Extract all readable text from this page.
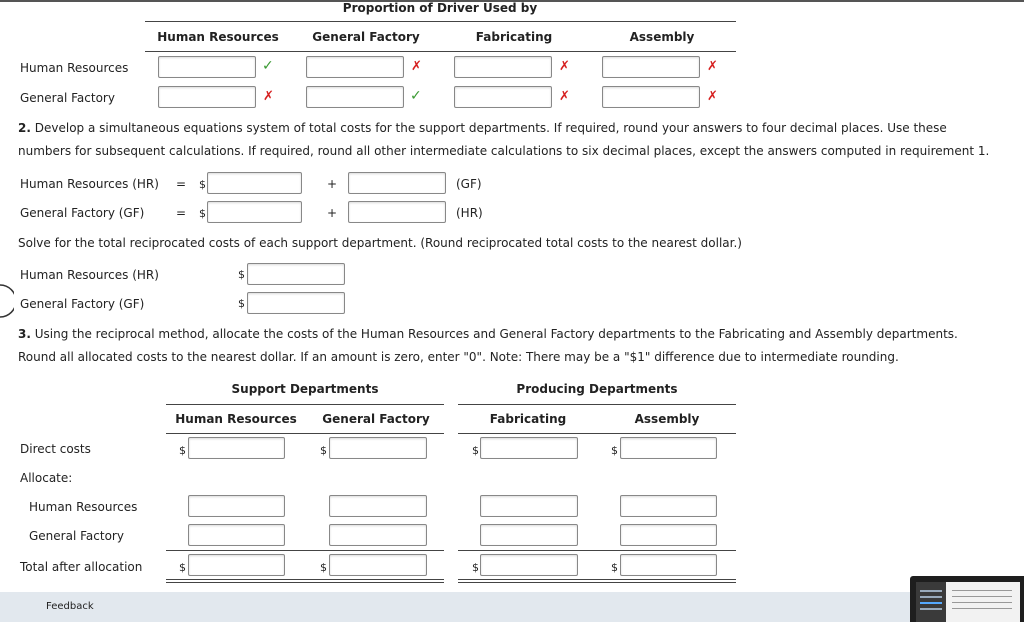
Proportion of Driver Used by
Human Resources	General Factory	Fabricating	Assembly
Human Resources	✓	✗	✗	✗
General Factory	✗	✓	✗	✗
2. Develop a simultaneous equations system of total costs for the support departments. If required, round your answers to four decimal places. Use these numbers for subsequent calculations. If required, round all other intermediate calculations to six decimal places, except the answers computed in requirement 1.
Human Resources (HR) = $	+	(GF)
General Factory (GF)	= $	+	(HR)
Solve for the total reciprocated costs of each support department. (Round reciprocated total costs to the nearest dollar.)
Human Resources (HR)	$
General Factory (GF)	$
3. Using the reciprocal method, allocate the costs of the Human Resources and General Factory departments to the Fabricating and Assembly departments. Round all allocated costs to the nearest dollar. If an amount is zero, enter "0". Note: There may be a "$1" difference due to intermediate rounding.
Support Departments	Producing Departments
Human Resources	General Factory	Fabricating	Assembly
Direct costs	$	$	$	$
Allocate:
Human Resources
General Factory
Total after allocation	$	$	$	$
Feedback
